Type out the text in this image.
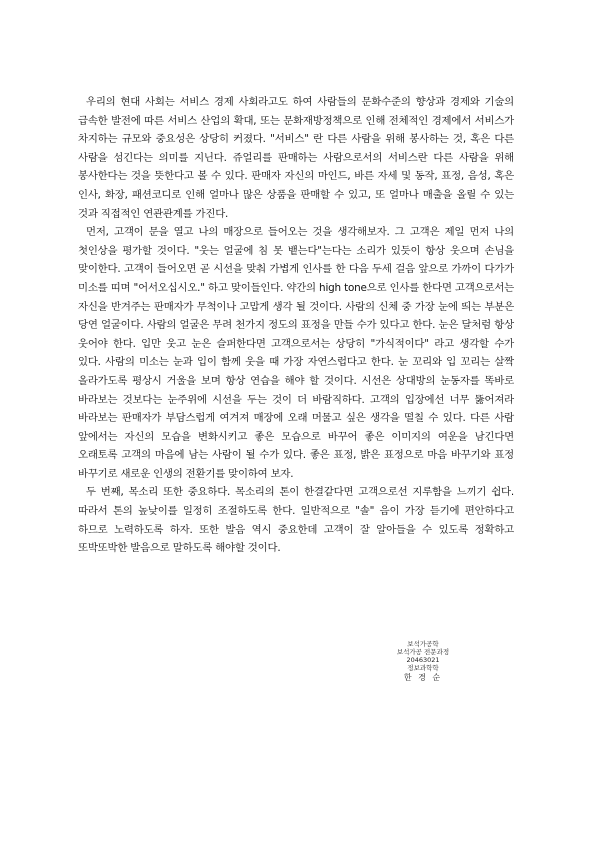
우리의 현대 사회는 서비스 경제 사회라고도 하여 사람들의 문화수준의 향상과 경제와 기술의 급속한 발전에 따른 서비스 산업의 확대, 또는 문화재방정책으로 인해 전체적인 경제에서 서비스가 차지하는 규모와 중요성은 상당히 커졌다. "서비스" 란 다른 사람을 위해 봉사하는 것, 혹은 다른 사람을 섬긴다는 의미를 지닌다. 쥬얼리를 판매하는 사람으로서의 서비스란 다른 사람을 위해 봉사한다는 것을 뜻한다고 볼 수 있다. 판매자 자신의 마인드, 바른 자세 및 동작, 표정, 음성, 혹은 인사, 화장, 패션코디로 인해 얼마나 많은 상품을 판매할 수 있고, 또 얼마나 매출을 올릴 수 있는 것과 직접적인 연관관계를 가진다.

먼저, 고객이 문을 열고 나의 매장으로 들어오는 것을 생각해보자. 그 고객은 제일 먼저 나의 첫인상을 평가할 것이다. "웃는 얼굴에 침 못 뱉는다"는다는 소리가 있듯이 항상 웃으며 손님을 맞이한다. 고객이 들어오면 곧 시선을 맞춰 가볍게 인사를 한 다음 두세 걸음 앞으로 가까이 다가가 미소를 띠며 "어서오십시오." 하고 맞이들인다. 약간의 high tone으로 인사를 한다면 고객으로서는 자신을 반겨주는 판매자가 무척이나 고맙게 생각 될 것이다. 사람의 신체 중 가장 눈에 띄는 부분은 당연 얼굴이다. 사람의 얼굴은 무려 천가지 정도의 표정을 만들 수가 있다고 한다. 눈은 달처럼 항상 웃어야 한다. 입만 웃고 눈은 슬퍼한다면 고객으로서는 상당히 "가식적이다" 라고 생각할 수가 있다. 사람의 미소는 눈과 입이 함께 웃을 때 가장 자연스럽다고 한다. 눈 꼬리와 입 꼬리는 살짝 올라가도록 평상시 거울을 보며 항상 연습을 해야 할 것이다. 시선은 상대방의 눈동자를 똑바로 바라보는 것보다는 눈주위에 시선을 두는 것이 더 바람직하다. 고객의 입장에선 너무 뚫어져라 바라보는 판매자가 부담스럽게 여겨져 매장에 오래 머물고 싶은 생각을 떨칠 수 있다. 다른 사람 앞에서는 자신의 모습을 변화시키고 좋은 모습으로 바꾸어 좋은 이미지의 여운을 남긴다면 오래토록 고객의 마음에 남는 사람이 될 수가 있다. 좋은 표정, 밝은 표정으로 마음 바꾸기와 표정 바꾸기로 새로운 인생의 전환기를 맞이하여 보자.

두 번째, 목소리 또한 중요하다. 목소리의 톤이 한결같다면 고객으로선 지루함을 느끼기 쉽다. 따라서 톤의 높낮이를 일정히 조절하도록 한다. 일반적으로 "솔" 음이 가장 듣기에 편안하다고 하므로 노력하도록 하자. 또한 발음 역시 중요한데 고객이 잘 알아들을 수 있도록 정확하고 또박또박한 발음으로 말하도록 해야할 것이다.

보석가공학
보석가공 전문과정
20463021
정보과학학
한 경 순
